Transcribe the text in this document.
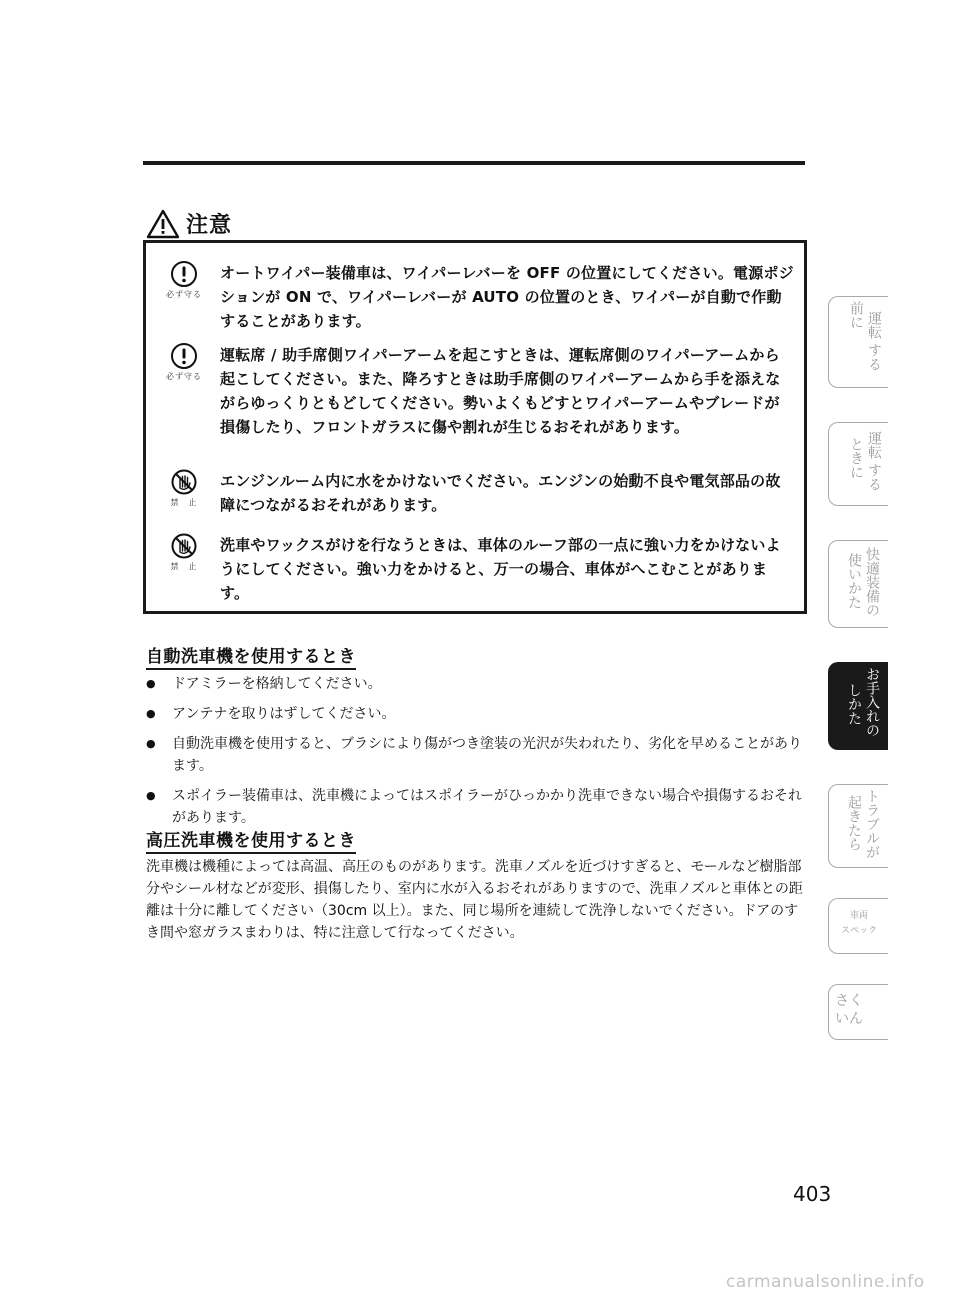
注意
必ず守る
オートワイパー装備車は、ワイパーレバーを OFF の位置にしてください。電源ポジションが ON で、ワイパーレバーが AUTO の位置のとき、ワイパーが自動で作動することがあります。
必ず守る
運転席 / 助手席側ワイパーアームを起こすときは、運転席側のワイパーアームから起こしてください。また、降ろすときは助手席側のワイパーアームから手を添えながらゆっくりともどしてください。勢いよくもどすとワイパーアームやブレードが損傷したり、フロントガラスに傷や割れが生じるおそれがあります。
禁　止
エンジンルーム内に水をかけないでください。エンジンの始動不良や電気部品の故障につながるおそれがあります。
禁　止
洗車やワックスがけを行なうときは、車体のルーフ部の一点に強い力をかけないようにしてください。強い力をかけると、万一の場合、車体がへこむことがあります。
自動洗車機を使用するとき
● ドアミラーを格納してください。
● アンテナを取りはずしてください。
● 自動洗車機を使用すると、ブラシにより傷がつき塗装の光沢が失われたり、劣化を早めることがあります。
● スポイラー装備車は、洗車機によってはスポイラーがひっかかり洗車できない場合や損傷するおそれがあります。
高圧洗車機を使用するとき
洗車機は機種によっては高温、高圧のものがあります。洗車ノズルを近づけすぎると、モールなど樹脂部分やシール材などが変形、損傷したり、室内に水が入るおそれがありますので、洗車ノズルと車体との距離は十分に離してください（30cm 以上）。また、同じ場所を連続して洗浄しないでください。ドアのすき間や窓ガラスまわりは、特に注意して行なってください。
運転
前に
する
運転
ときに する
快適装備の
使いかた
お手入れの
しかた
トラブルが
起きたら
車両
スペック
さく
いん
403
carmanualsonline.info
